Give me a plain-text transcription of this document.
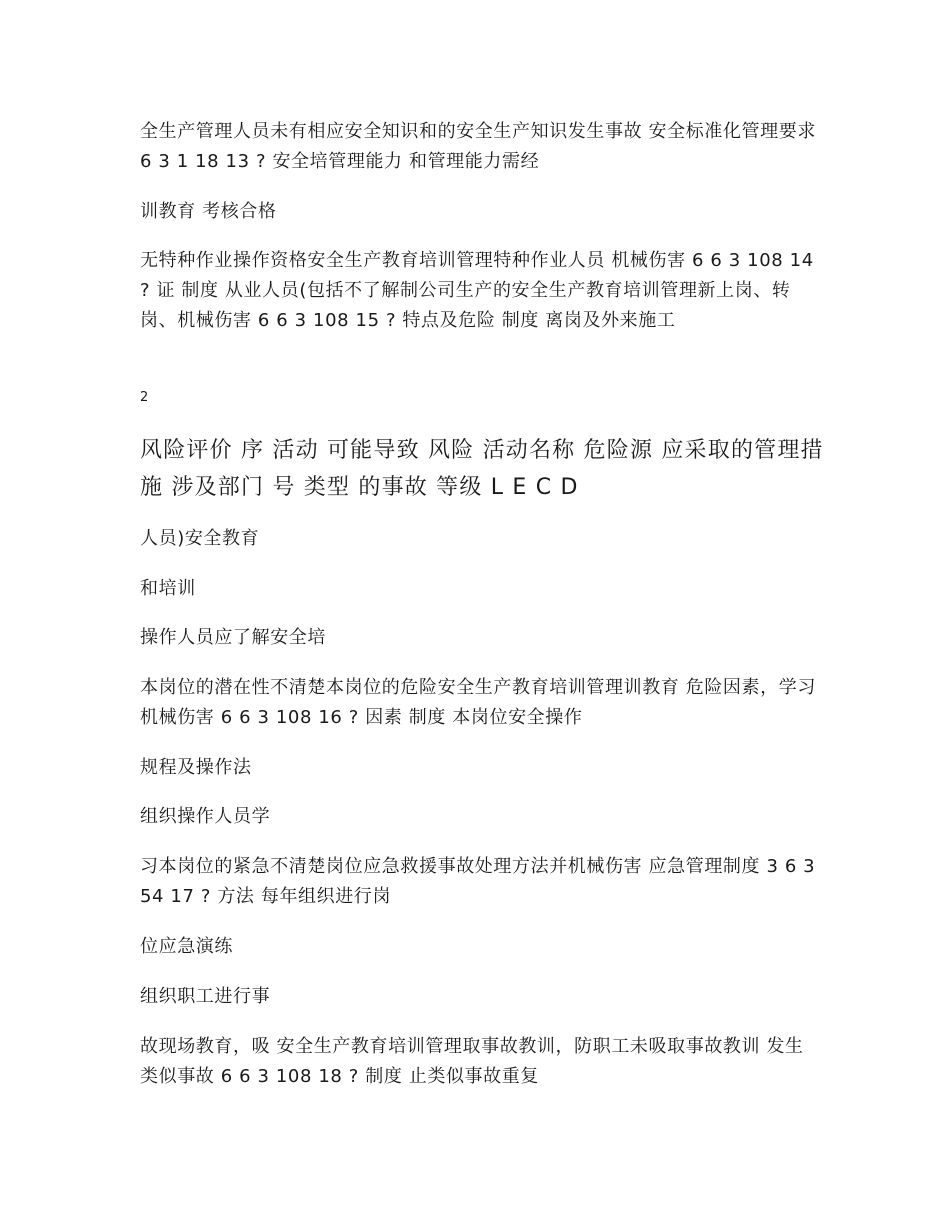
全生产管理人员未有相应安全知识和的安全生产知识发生事故 安全标准化管理要求 6 3 1 18 13 ? 安全培管理能力 和管理能力需经
训教育 考核合格
无特种作业操作资格安全生产教育培训管理特种作业人员 机械伤害 6 6 3 108 14 ? 证 制度 从业人员(包括不了解制公司生产的安全生产教育培训管理新上岗、转岗、机械伤害 6 6 3 108 15 ? 特点及危险 制度 离岗及外来施工
2
风险评价 序 活动 可能导致 风险 活动名称 危险源 应采取的管理措施 涉及部门 号 类型 的事故 等级 L E C D
人员)安全教育
和培训
操作人员应了解安全培
本岗位的潜在性不清楚本岗位的危险安全生产教育培训管理训教育 危险因素，学习机械伤害 6 6 3 108 16 ? 因素 制度 本岗位安全操作
规程及操作法
组织操作人员学
习本岗位的紧急不清楚岗位应急救援事故处理方法并机械伤害 应急管理制度 3 6 3 54 17 ? 方法 每年组织进行岗
位应急演练
组织职工进行事
故现场教育，吸 安全生产教育培训管理取事故教训，防职工未吸取事故教训 发生类似事故 6 6 3 108 18 ? 制度 止类似事故重复
